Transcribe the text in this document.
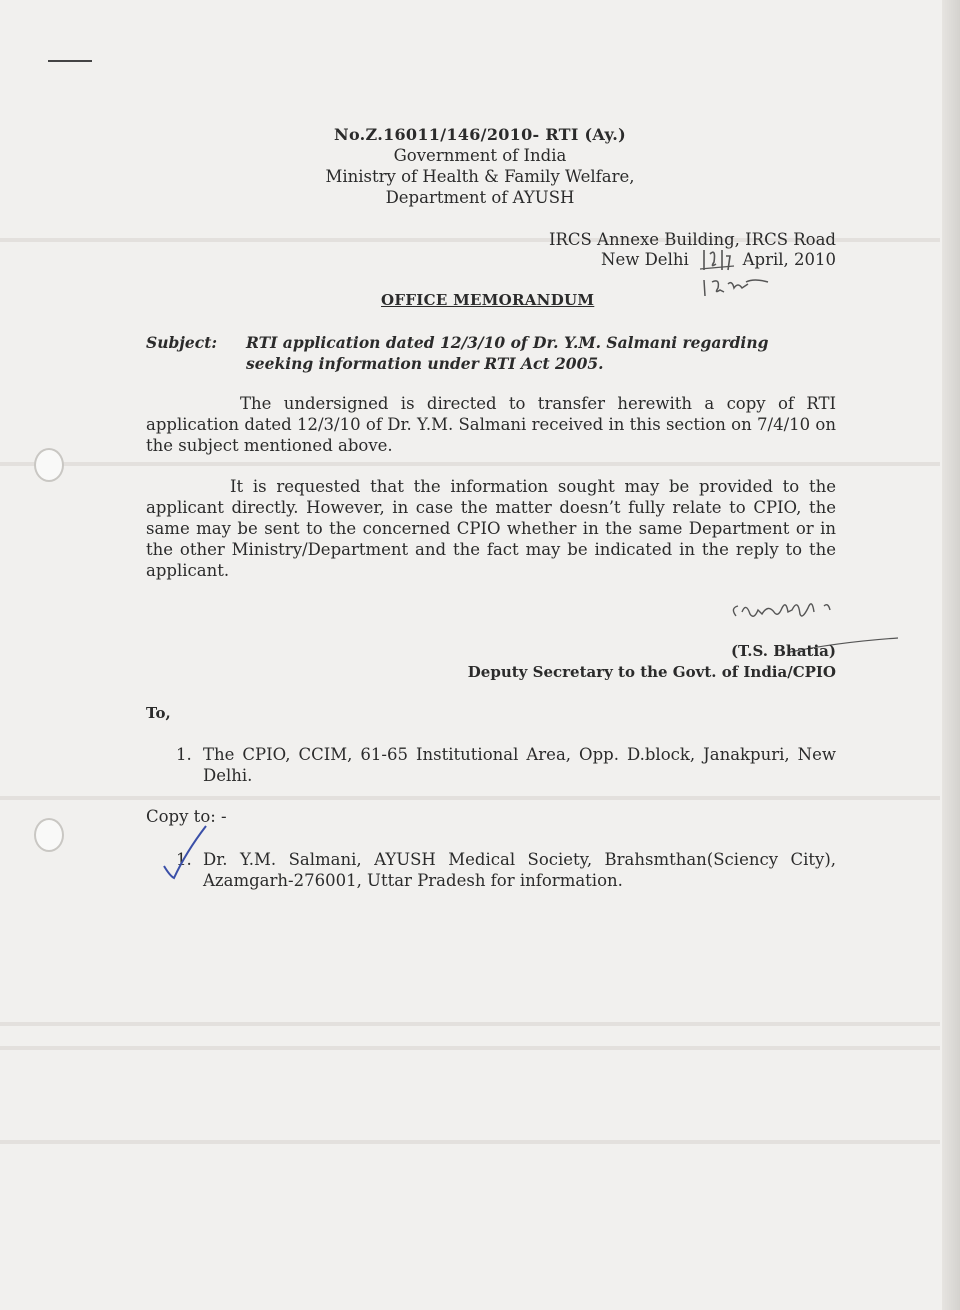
No.Z.16011/146/2010- RTI (Ay.)
Government of India
Ministry of Health & Family Welfare,
Department of AYUSH
IRCS Annexe Building, IRCS Road
New Delhi	April, 2010
OFFICE MEMORANDUM
Subject: RTI application dated 12/3/10 of Dr. Y.M. Salmani regarding
seeking information under RTI Act 2005.

The undersigned is directed to transfer herewith a copy of RTI application dated 12/3/10 of Dr. Y.M. Salmani received in this section on 7/4/10 on the subject mentioned above.

It is requested that the information sought may be provided to the applicant directly. However, in case the matter doesn’t fully relate to CPIO, the same may be sent to the concerned CPIO whether in the same Department or in the other Ministry/Department and the fact may be indicated in the reply to the applicant.

(T.S. Bhatia)
Deputy Secretary to the Govt. of India/CPIO
To,
1. The CPIO, CCIM, 61-65 Institutional Area, Opp. D.block, Janakpuri, New Delhi.
Copy to: -
1. Dr. Y.M. Salmani, AYUSH Medical Society, Brahsmthan(Sciency City), Azamgarh-276001, Uttar Pradesh for information.
